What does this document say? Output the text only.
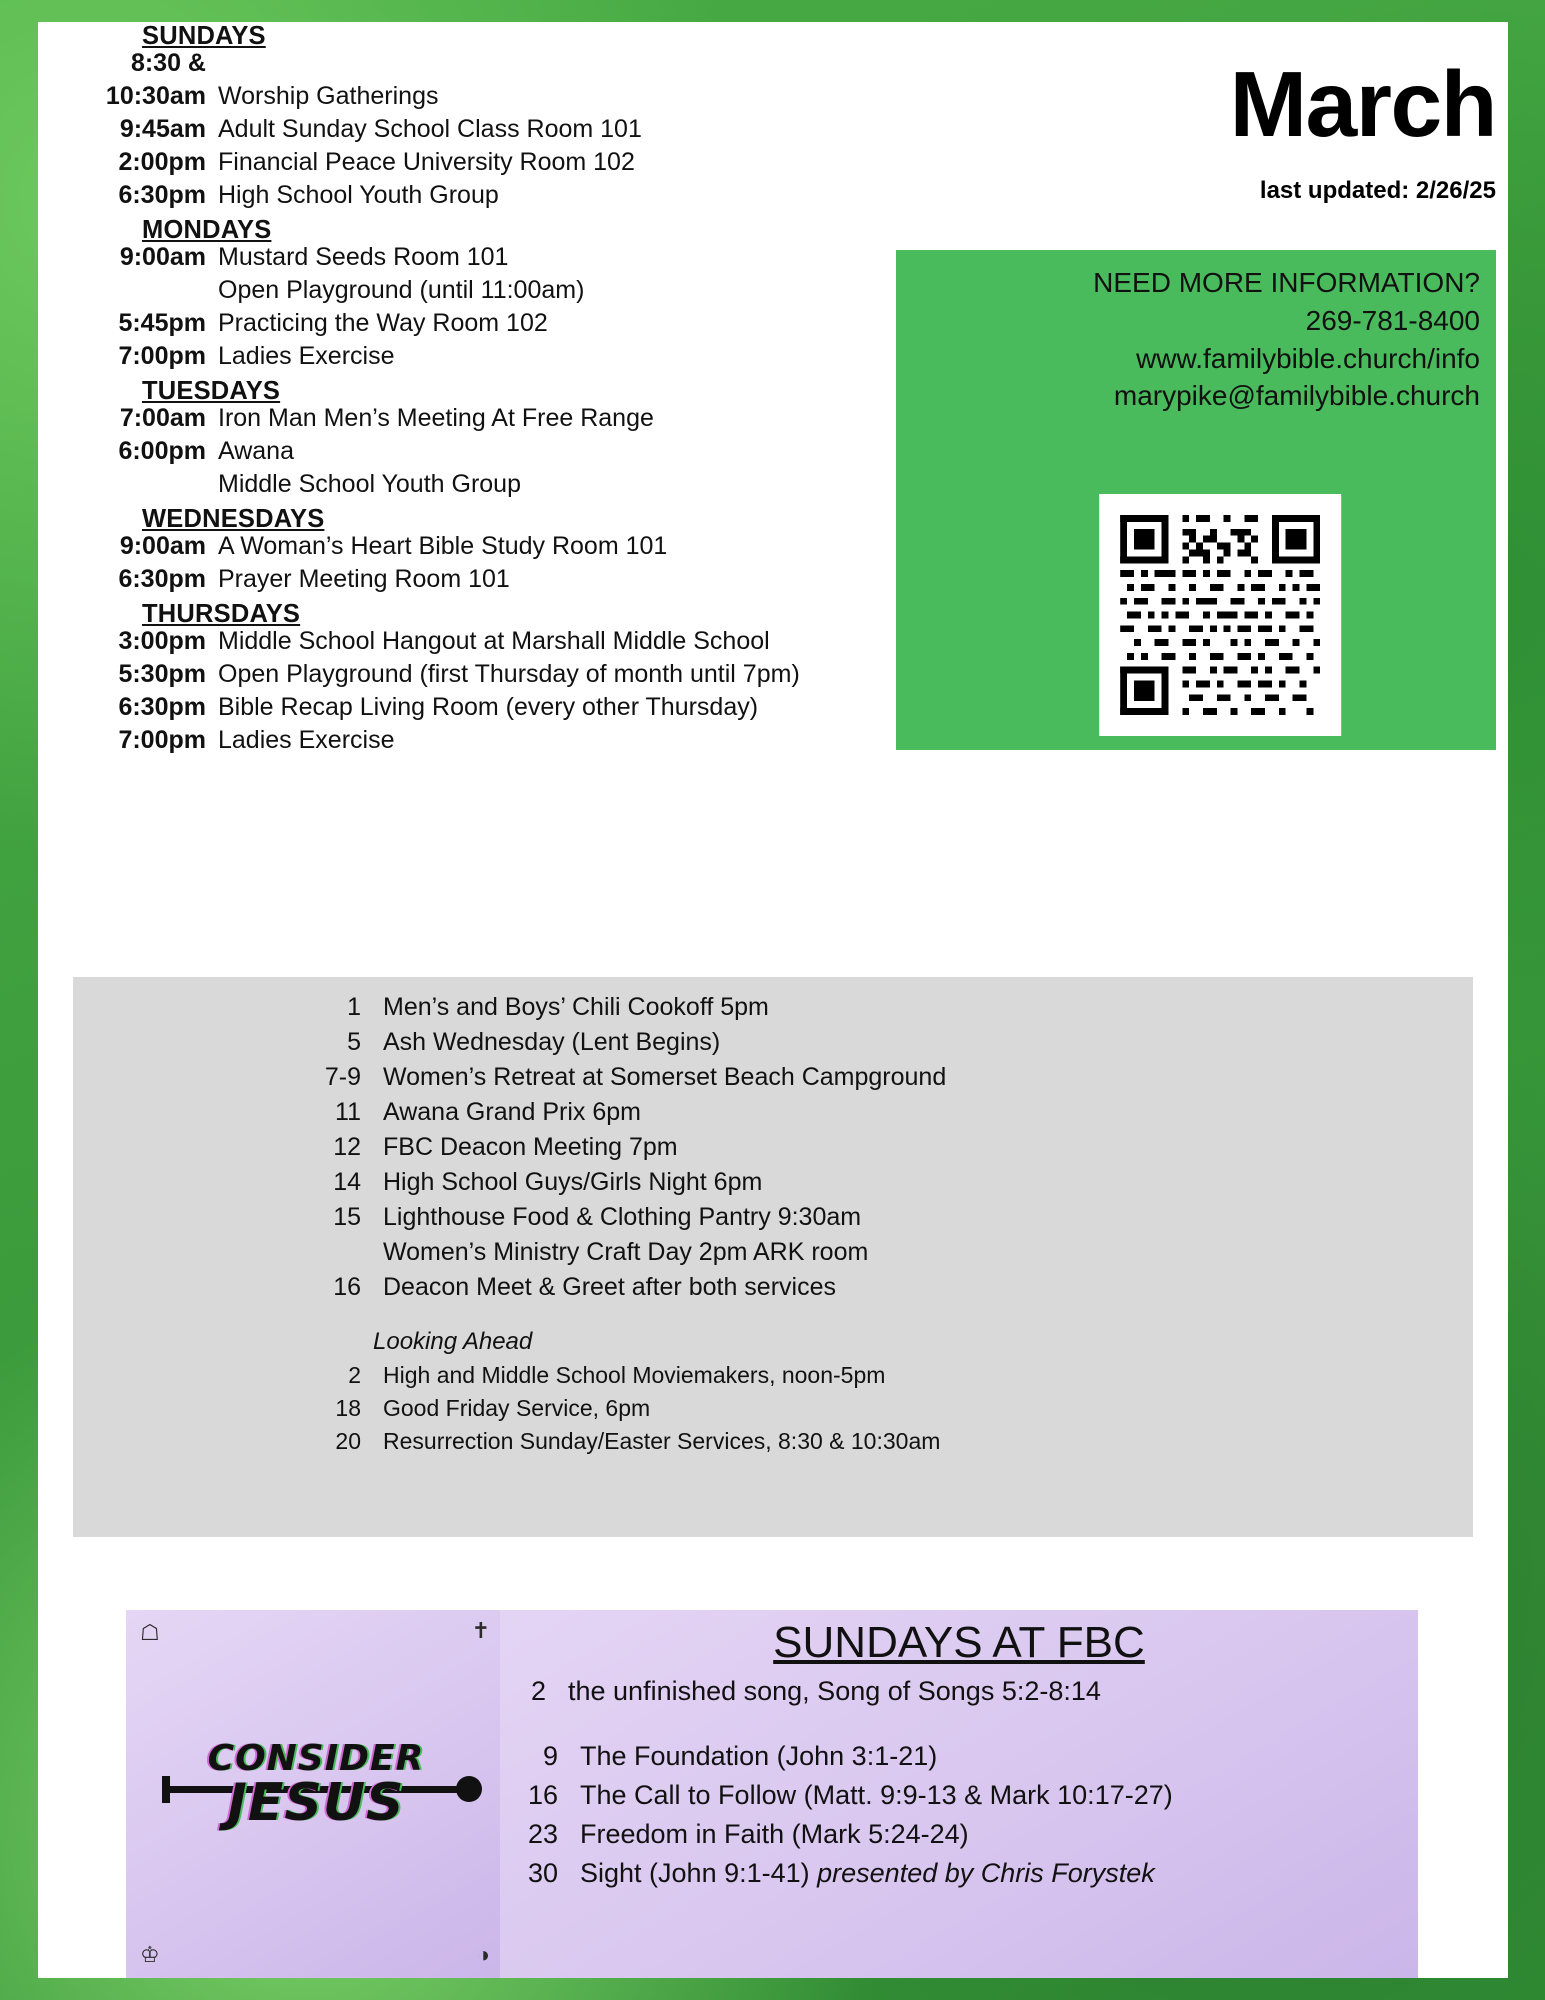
SUNDAYS
8:30 &
10:30am Worship Gatherings
9:45am Adult Sunday School Class Room 101
2:00pm Financial Peace University Room 102
6:30pm High School Youth Group
MONDAYS
9:00am Mustard Seeds Room 101
Open Playground (until 11:00am)
5:45pm Practicing the Way Room 102
7:00pm Ladies Exercise
TUESDAYS
7:00am Iron Man Men’s Meeting At Free Range
6:00pm Awana
Middle School Youth Group
WEDNESDAYS
9:00am A Woman’s Heart Bible Study Room 101
6:30pm Prayer Meeting Room 101
THURSDAYS
3:00pm Middle School Hangout at Marshall Middle School
5:30pm Open Playground (first Thursday of month until 7pm)
6:30pm Bible Recap Living Room (every other Thursday)
7:00pm Ladies Exercise
March
last updated: 2/26/25
NEED MORE INFORMATION?
269-781-8400
www.familybible.church/info
marypike@familybible.church
1 Men’s and Boys’ Chili Cookoff 5pm
5 Ash Wednesday (Lent Begins)
7-9 Women’s Retreat at Somerset Beach Campground
11 Awana Grand Prix 6pm
12 FBC Deacon Meeting 7pm
14 High School Guys/Girls Night 6pm
15 Lighthouse Food & Clothing Pantry 9:30am
Women’s Ministry Craft Day 2pm ARK room
16 Deacon Meet & Greet after both services
Looking Ahead
2 High and Middle School Moviemakers, noon-5pm
18 Good Friday Service, 6pm
20 Resurrection Sunday/Easter Services, 8:30 & 10:30am
☖	✝
♔	◑
CONSIDER
JESUS
SUNDAYS AT FBC
2 the unfinished song, Song of Songs 5:2-8:14
9 The Foundation (John 3:1-21)
16 The Call to Follow (Matt. 9:9-13 & Mark 10:17-27)
23 Freedom in Faith (Mark 5:24-24)
30 Sight (John 9:1-41) presented by Chris Forystek
